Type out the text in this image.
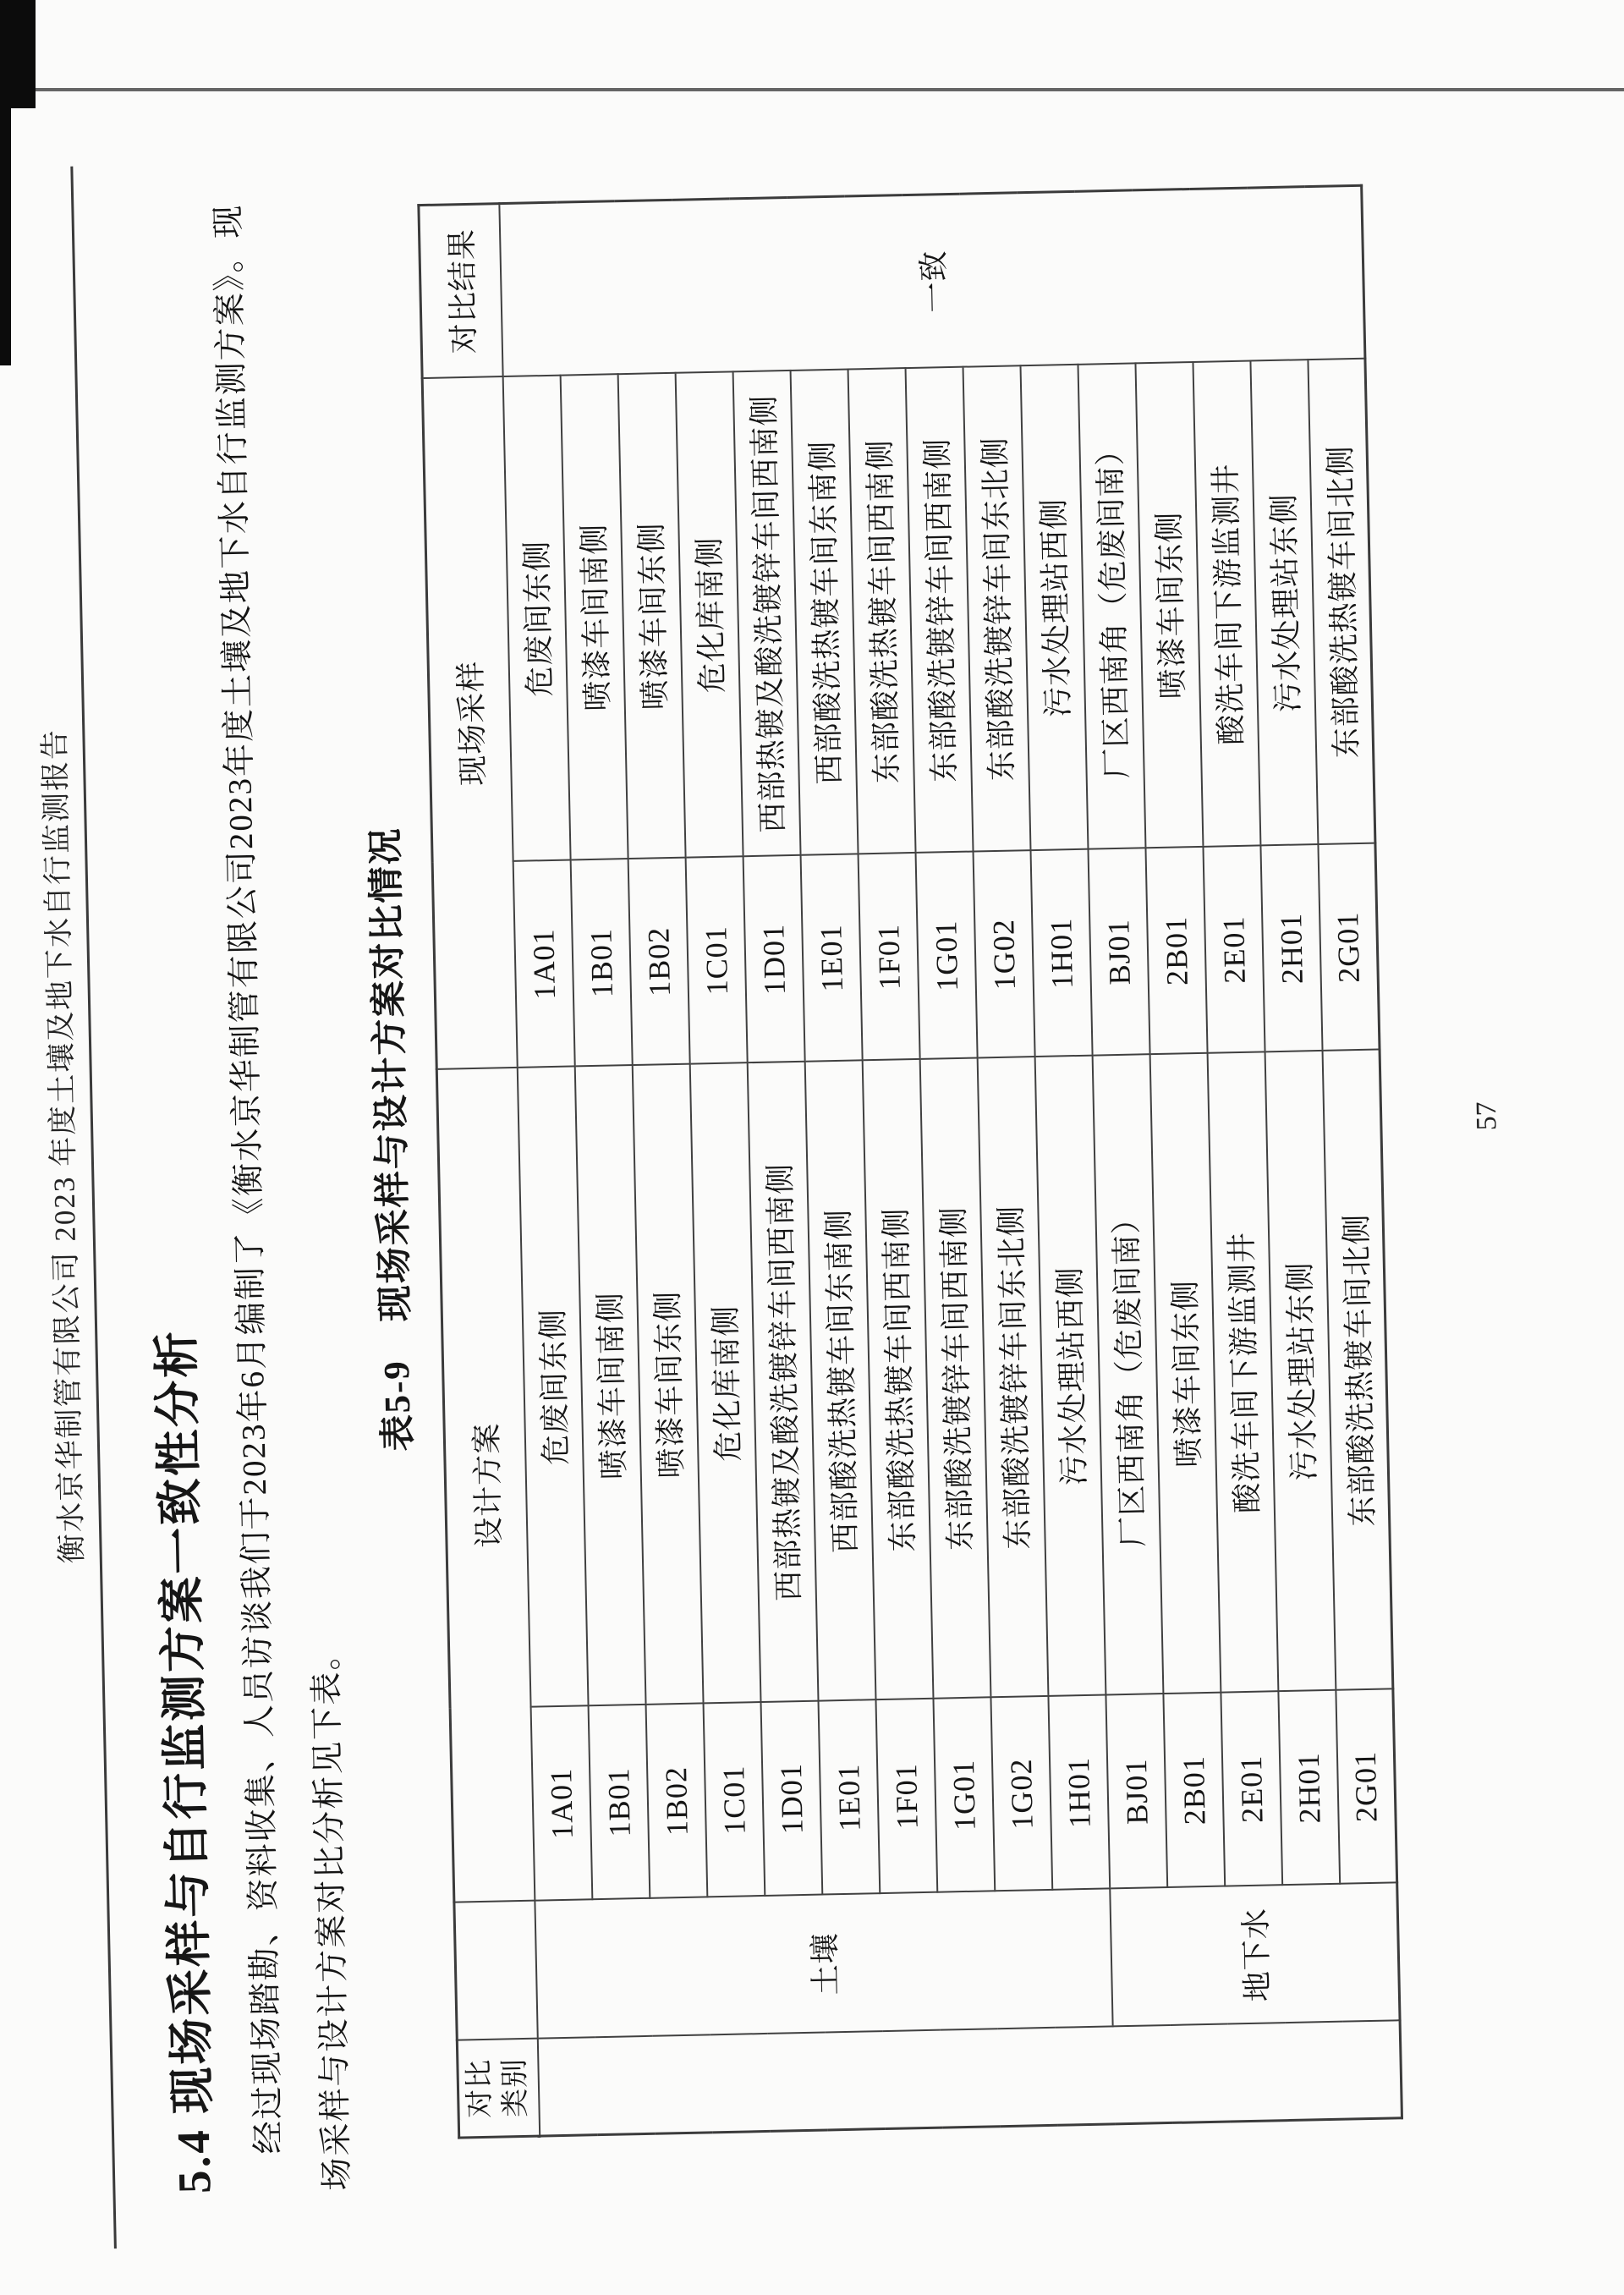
衡水京华制管有限公司 2023 年度土壤及地下水自行监测报告
5.4 现场采样与自行监测方案一致性分析
经过现场踏勘、资料收集、人员访谈我们于2023年6月编制了《衡水京华制管有限公司2023年度土壤及地下水自行监测方案》。现 场采样与设计方案对比分析见下表。
表5-9　现场采样与设计方案对比情况
对比 类别		设计方案		现场采样		对比结果
	土壤	1A01	危废间东侧	1A01	危废间东侧	一致
		1B01	喷漆车间南侧	1B01	喷漆车间南侧	
		1B02	喷漆车间东侧	1B02	喷漆车间东侧	
		1C01	危化库南侧	1C01	危化库南侧	
		1D01	西部热镀及酸洗镀锌车间西南侧	1D01	西部热镀及酸洗镀锌车间西南侧	
		1E01	西部酸洗热镀车间东南侧	1E01	西部酸洗热镀车间东南侧	
		1F01	东部酸洗热镀车间西南侧	1F01	东部酸洗热镀车间西南侧	
		1G01	东部酸洗镀锌车间西南侧	1G01	东部酸洗镀锌车间西南侧	
		1G02	东部酸洗镀锌车间东北侧	1G02	东部酸洗镀锌车间东北侧	
		1H01	污水处理站西侧	1H01	污水处理站西侧	
	地下水	BJ01	厂区西南角（危废间南）	BJ01	厂区西南角（危废间南）	
		2B01	喷漆车间东侧	2B01	喷漆车间东侧	
		2E01	酸洗车间下游监测井	2E01	酸洗车间下游监测井	
		2H01	污水处理站东侧	2H01	污水处理站东侧	
		2G01	东部酸洗热镀车间北侧	2G01	东部酸洗热镀车间北侧	
57
